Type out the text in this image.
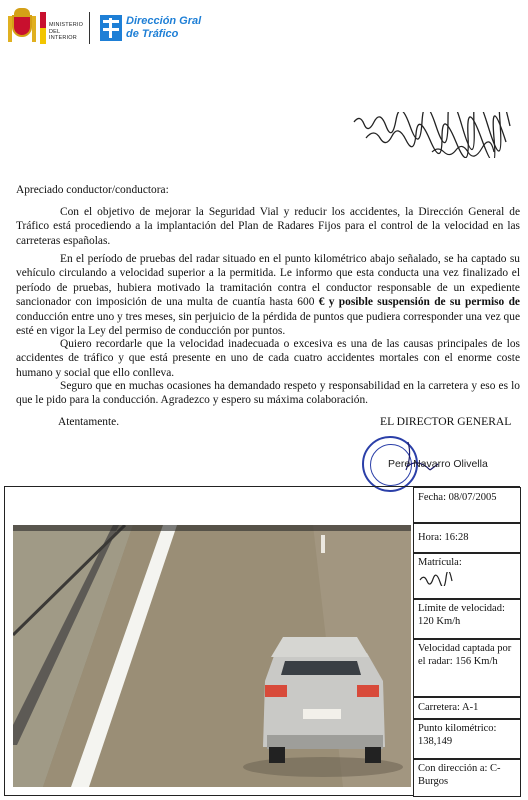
MINISTERIO DEL INTERIOR
Dirección Gral
de Tráfico
Apreciado conductor/conductora:

Con el objetivo de mejorar la Seguridad Vial y reducir los accidentes, la Dirección General de Tráfico está procediendo a la implantación del Plan de Radares Fijos para el control de la velocidad en las carreteras españolas.

En el período de pruebas del radar situado en el punto kilométrico abajo señalado, se ha captado su vehículo circulando a velocidad superior a la permitida. Le informo que esta conducta una vez finalizado el período de pruebas, hubiera motivado la tramitación contra el conductor responsable de un expediente sancionador con imposición de una multa de cuantía hasta 600 € y posible suspensión de su permiso de conducción entre uno y tres meses, sin perjuicio de la pérdida de puntos que pudiera corresponder una vez que esté en vigor la Ley del permiso de conducción por puntos.

Quiero recordarle que la velocidad inadecuada o excesiva es una de las causas principales de los accidentes de tráfico y que está presente en uno de cada cuatro accidentes mortales con el enorme coste humano y social que ello conlleva.

Seguro que en muchas ocasiones ha demandado respeto y responsabilidad en la carretera y eso es lo que le pido para la conducción. Agradezco y espero su máxima colaboración.

Atentamente.	EL DIRECTOR GENERAL
Pere Navarro Olivella
Fecha: 08/07/2005
Hora: 16:28
Matrícula:
Límite de velocidad: 120 Km/h
Velocidad captada por el radar: 156 Km/h
Carretera: A-1
Punto kilométrico: 138,149
Con dirección a: C-Burgos
